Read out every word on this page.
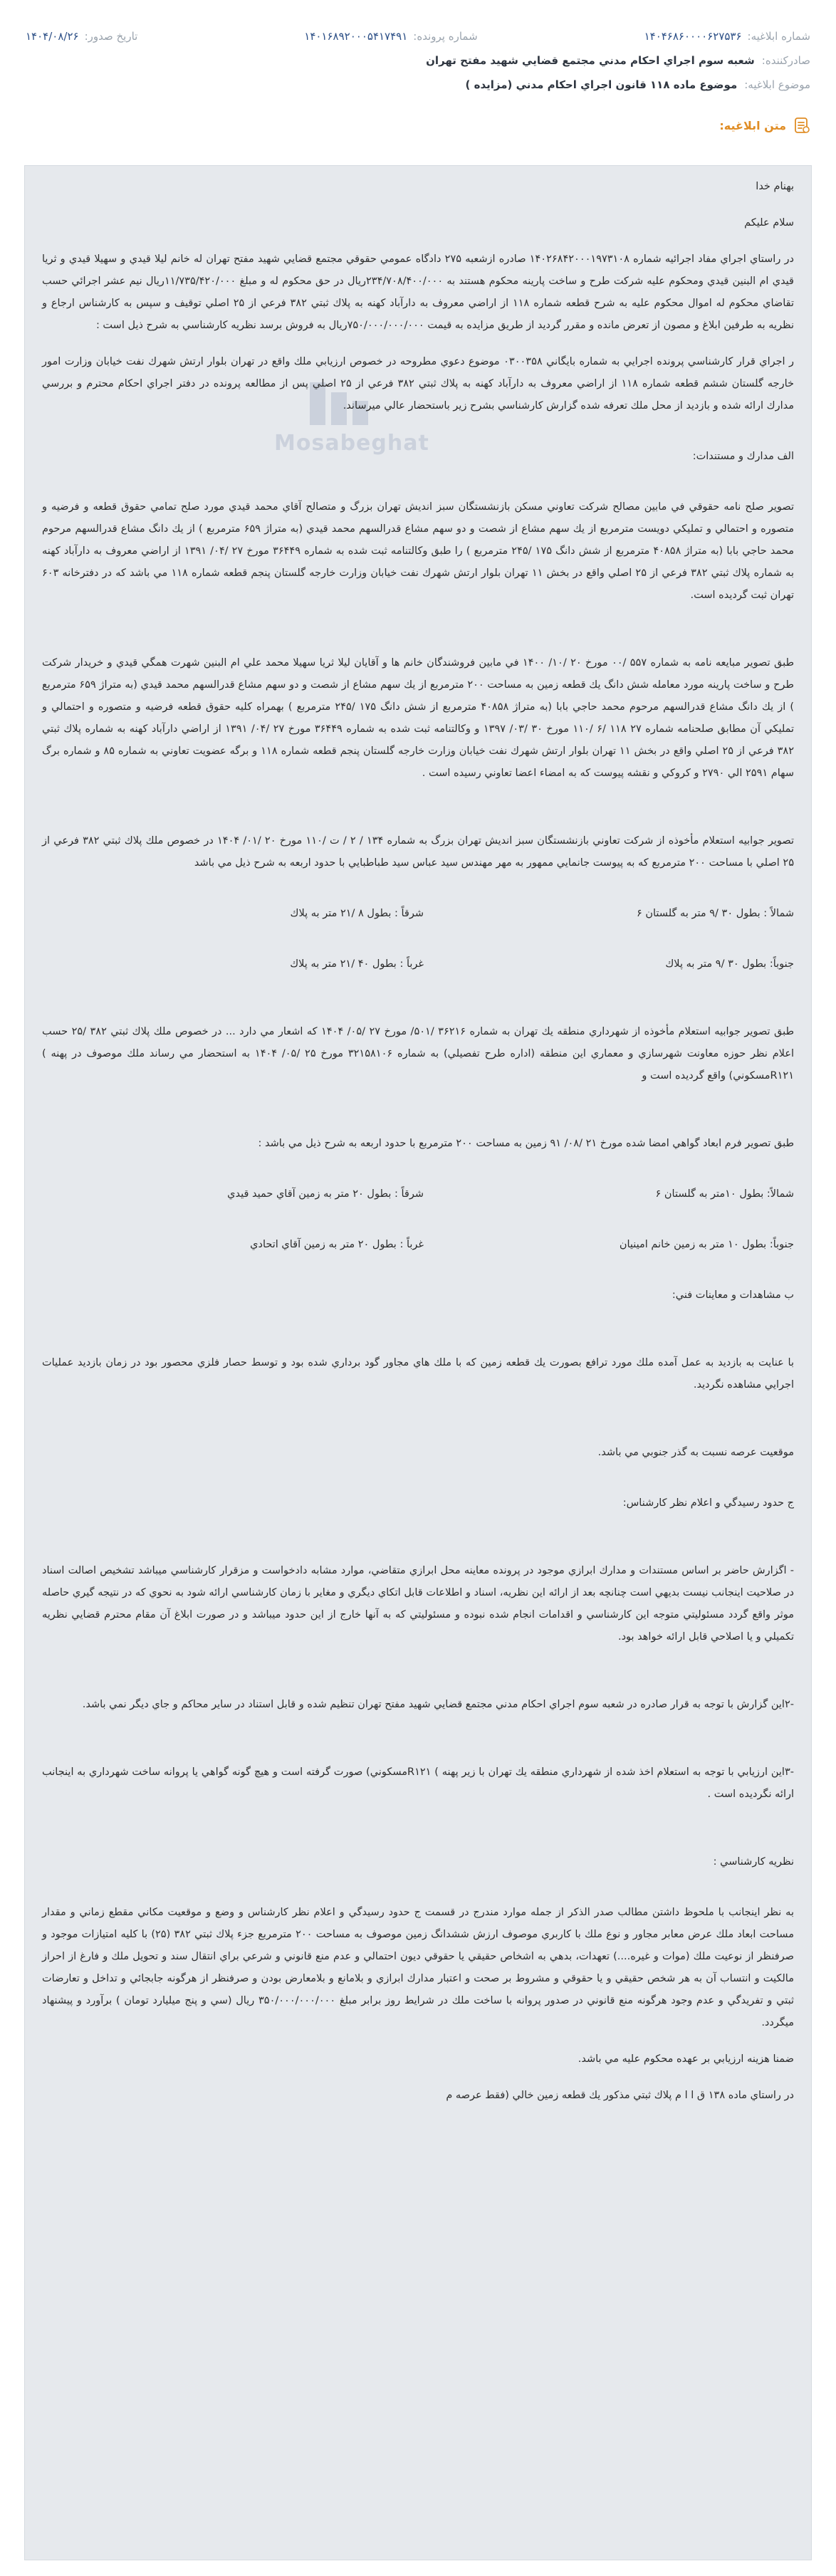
شماره ابلاغیه:
۱۴۰۴۶۸۶۰۰۰۰۶۲۷۵۳۶
شماره پرونده:
۱۴۰۱۶۸۹۲۰۰۰۵۴۱۷۴۹۱
تاریخ صدور:
۱۴۰۴/۰۸/۲۶
صادرکننده:
شعبه سوم اجراي احكام مدني مجتمع قضايي شهيد مفتح تهران
موضوع ابلاغیه:
موضوع ماده ۱۱۸ قانون اجراي احكام مدني (مزايده )
متن ابلاغیه:
Mosabeghat

بهنام خدا

سلام عليكم

در راستاي اجراي مفاد اجرائيه شماره ۱۴۰۲۶۸۴۲۰۰۰۱۹۷۳۱۰۸ صادره ازشعبه ۲۷۵ دادگاه عمومي حقوقي مجتمع قضايي شهيد مفتح تهران له خانم ليلا قيدي و سهيلا قيدي و ثريا قيدي ام البنين قيدي ومحكوم عليه شركت طرح و ساخت پارينه محكوم هستند به ۲۳۴/۷۰۸/۴۰۰/۰۰۰ريال در حق محكوم له و مبلغ ۱۱/۷۳۵/۴۲۰/۰۰۰ريال نيم عشر اجرائي حسب تقاضاي محكوم له اموال محكوم عليه به شرح قطعه شماره ۱۱۸ از اراضي معروف به دارآباد كهنه به پلاك ثبتي ۳۸۲ فرعي از ۲۵ اصلي توقيف و سپس به كارشناس ارجاع و نظريه به طرفين ابلاغ و مصون از تعرض مانده و مقرر گرديد از طريق مزايده به قيمت ۷۵۰/۰۰۰/۰۰۰/۰۰۰ريال به فروش برسد نظريه كارشناسي به شرح ذيل است :

ر اجراي قرار كارشناسي پرونده اجرايي به شماره بايگاني ۰۳۰۰۳۵۸ موضوع دعوي مطروحه در خصوص ارزيابي ملك واقع در تهران بلوار ارتش شهرك نفت خيابان وزارت امور خارجه گلستان ششم قطعه شماره ۱۱۸ از اراضي معروف به دارآباد كهنه به پلاك ثبتي ۳۸۲ فرعي از ۲۵ اصلي پس از مطالعه پرونده در دفتر اجراي احكام محترم و بررسي مدارك ارائه شده و بازديد از محل ملك تعرفه شده گزارش كارشناسي بشرح زير باستحضار عالي ميرساند.

الف مدارك و مستندات:

تصوير صلح نامه حقوقي في مابين مصالح شركت تعاوني مسكن بازنشستگان سبز انديش تهران بزرگ و متصالح آقاي محمد قيدي مورد صلح تمامي حقوق قطعه و فرضيه و متصوره و احتمالي و تمليكي دويست مترمربع از يك سهم مشاع از شصت و دو سهم مشاع قدرالسهم محمد قيدي (به متراژ ۶۵۹ مترمربع ) از يك دانگ مشاع قدرالسهم مرحوم محمد حاجي بابا (به متراژ ۴۰۸۵۸ مترمربع از شش دانگ ۱۷۵ /۲۴۵ مترمربع ) را طبق وكالتنامه ثبت شده به شماره ۳۶۴۴۹ مورخ ۲۷ /۰۴/ ۱۳۹۱ از اراضي معروف به دارآباد كهنه به شماره پلاك ثبتي ۳۸۲ فرعي از ۲۵ اصلي واقع در بخش ۱۱ تهران بلوار ارتش شهرك نفت خيابان وزارت خارجه گلستان پنجم قطعه شماره ۱۱۸ مي باشد كه در دفترخانه ۶۰۳ تهران ثبت گرديده است.

طبق تصوير مبايعه نامه به شماره ۵۵۷ /۰۰ مورخ ۲۰ /۱۰/ ۱۴۰۰ في مابين فروشندگان خانم ها و آقايان ليلا ثريا سهيلا محمد علي ام البنين شهرت همگي قيدي و خريدار شركت طرح و ساخت پارينه مورد معامله شش دانگ يك قطعه زمين به مساحت ۲۰۰ مترمربع از يك سهم مشاع از شصت و دو سهم مشاع قدرالسهم محمد قيدي (به متراژ ۶۵۹ مترمربع ) از يك دانگ مشاع قدرالسهم مرحوم محمد حاجي بابا (به متراژ ۴۰۸۵۸ مترمربع از شش دانگ ۱۷۵ /۲۴۵ مترمربع ) بهمراه كليه حقوق قطعه فرضيه و متصوره و احتمالي و تمليكي آن مطابق صلحنامه شماره ۲۷ ۱۱۸ /۶ /۱۱۰ مورخ ۳۰ /۰۳/ ۱۳۹۷ و وكالتنامه ثبت شده به شماره ۳۶۴۴۹ مورخ ۲۷ /۰۴/ ۱۳۹۱ از اراضي دارآباد كهنه به شماره پلاك ثبتي ۳۸۲ فرعي از ۲۵ اصلي واقع در بخش ۱۱ تهران بلوار ارتش شهرك نفت خيابان وزارت خارجه گلستان پنجم قطعه شماره ۱۱۸ و برگه عضويت تعاوني به شماره ۸۵ و شماره برگ سهام ۲۵۹۱ الي ۲۷۹۰ و كروكي و نقشه پيوست كه به امضاء اعضا تعاوني رسيده است .

تصوير جوابيه استعلام مأخوذه از شركت تعاوني بازنشستگان سبز انديش تهران بزرگ به شماره ۱۳۴ / ۲ / ت /۱۱۰ مورخ ۲۰ /۰۱/ ۱۴۰۴ در خصوص ملك پلاك ثبتي ۳۸۲ فرعي از ۲۵ اصلي با مساحت ۲۰۰ مترمربع كه به پيوست جانمايي ممهور به مهر مهندس سيد عباس سيد طباطبايي با حدود اربعه به شرح ذيل مي باشد

شمالاً : بطول ۳۰ /۹ متر به گلستان ۶
شرقاً : بطول ۸ /۲۱ متر به پلاك
جنوباً: بطول ۳۰ /۹ متر به پلاك
غرباً : بطول ۴۰ /۲۱ متر به پلاك

طبق تصوير جوابيه استعلام مأخوذه از شهرداري منطقه يك تهران به شماره ۳۶۲۱۶ /۵۰۱/ مورخ ۲۷ /۰۵/ ۱۴۰۴ كه اشعار مي دارد ... در خصوص ملك پلاك ثبتي ۳۸۲ /۲۵ حسب اعلام نظر حوزه معاونت شهرسازي و معماري اين منطقه (اداره طرح تفصيلي) به شماره ۳۲۱۵۸۱۰۶ مورخ ۲۵ /۰۵/ ۱۴۰۴ به استحضار مي رساند ملك موصوف در پهنه ) R۱۲۱مسكوني) واقع گرديده است و

طبق تصوير فرم ابعاد گواهي امضا شده مورخ ۲۱ /۰۸/ ۹۱ زمين به مساحت ۲۰۰ مترمربع با حدود اربعه به شرح ذيل مي باشد :

شمالاً: بطول ۱۰متر به گلستان ۶
شرقاً : بطول ۲۰ متر به زمين آقاي حميد قيدي
جنوباً: بطول ۱۰ متر به زمين خانم امينيان
غرباً : بطول ۲۰ متر به زمين آقاي اتحادي

ب مشاهدات و معاينات فني:

با عنايت به بازديد به عمل آمده ملك مورد ترافع بصورت يك قطعه زمين كه با ملك هاي مجاور گود برداري شده بود و توسط حصار فلزي محصور بود در زمان بازديد عمليات اجرايي مشاهده نگرديد.

موقعيت عرصه نسبت به گذر جنوبي مي باشد.

ج حدود رسيدگي و اعلام نظر كارشناس:

- اگزارش حاضر بر اساس مستندات و مدارك ابرازي موجود در پرونده معاينه محل ابرازي متقاضي، موارد مشابه دادخواست و مزقرار كارشناسي ميباشد تشخيص اصالت اسناد در صلاحيت اينجانب نيست بديهي است چنانچه بعد از ارائه اين نظريه، اسناد و اطلاعات قابل اتكاي ديگري و مغاير با زمان كارشناسي ارائه شود به نحوي كه در نتيجه گيري حاصله موثر واقع گردد مسئوليتي متوجه اين كارشناسي و اقدامات انجام شده نبوده و مسئوليتي كه به آنها خارج از اين حدود ميباشد و در صورت ابلاغ آن مقام محترم قضايي نظريه تكميلي و يا اصلاحي قابل ارائه خواهد بود.

-۲اين گزارش با توجه به قرار صادره در شعبه سوم اجراي احكام مدني مجتمع قضايي شهيد مفتح تهران تنظيم شده و قابل استناد در ساير محاكم و جاي ديگر نمي باشد.

-۳اين ارزيابي با توجه به استعلام اخذ شده از شهرداري منطقه يك تهران با زير پهنه ) R۱۲۱مسكوني) صورت گرفته است و هيچ گونه گواهي يا پروانه ساخت شهرداري به اينجانب ارائه نگرديده است .

نظريه كارشناسي :

به نظر اينجانب با ملحوظ داشتن مطالب صدر الذكر از جمله موارد مندرج در قسمت ج حدود رسيدگي و اعلام نظر كارشناس و وضع و موقعيت مكاني مقطع زماني و مقدار مساحت ابعاد ملك عرض معابر مجاور و نوع ملك با كاربري موصوف ارزش ششدانگ زمين موصوف به مساحت ۲۰۰ مترمربع جزء پلاك ثبتي ۳۸۲ (۲۵) با كليه امتيازات موجود و صرفنظر از نوعيت ملك (موات و غيره....) تعهدات، بدهي به اشخاص حقيقي يا حقوقي ديون احتمالي و عدم منع قانوني و شرعي براي انتقال سند و تحويل ملك و فارغ از احراز مالكيت و انتساب آن به هر شخص حقيقي و يا حقوقي و مشروط بر صحت و اعتبار مدارك ابرازي و بلامانع و بلامعارض بودن و صرفنظر از هرگونه جابجائي و تداخل و تعارضات ثبتي و تفريدگي و عدم وجود هرگونه منع قانوني در صدور پروانه با ساخت ملك در شرايط روز برابر مبلغ ۳۵۰/۰۰۰/۰۰۰/۰۰۰ ريال (سي و پنج ميليارد تومان ) برآورد و پيشنهاد ميگردد.

ضمنا هزينه ارزيابي بر عهده محكوم عليه مي باشد.

در راستاي ماده ۱۳۸ ق ا ا م پلاك ثبتي مذكور يك قطعه زمين خالي (فقط عرصه م
